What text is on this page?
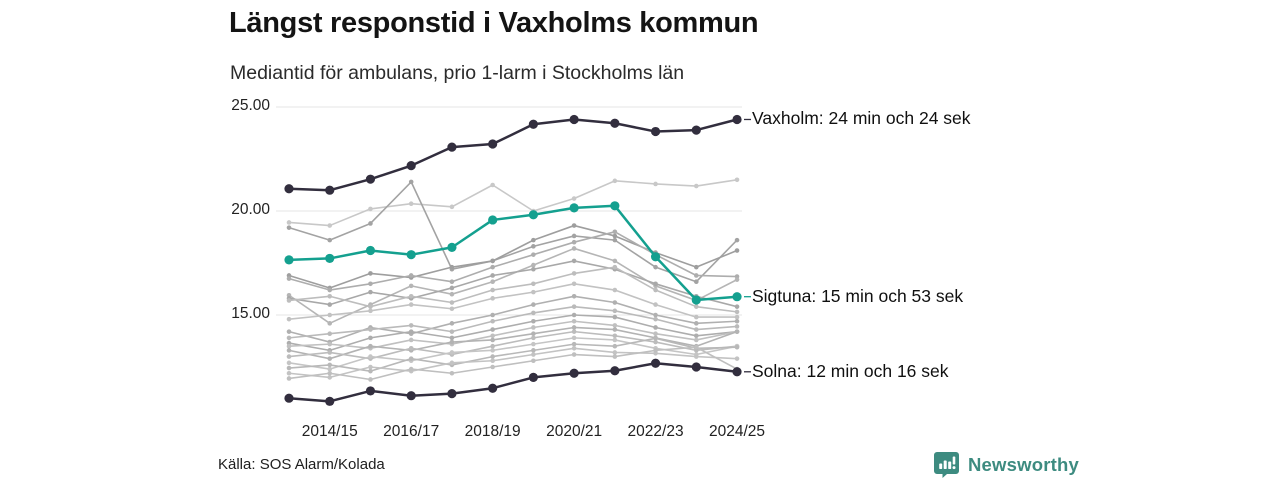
Längst responstid i Vaxholms kommun
Mediantid för ambulans, prio 1-larm i Stockholms län
25.00
20.00
15.00
2014/15	2016/17	2018/19	2020/21	2022/23	2024/25
Vaxholm: 24 min och 24 sek
Sigtuna: 15 min och 53 sek
Solna: 12 min och 16 sek
Källa: SOS Alarm/Kolada	Newsworthy
